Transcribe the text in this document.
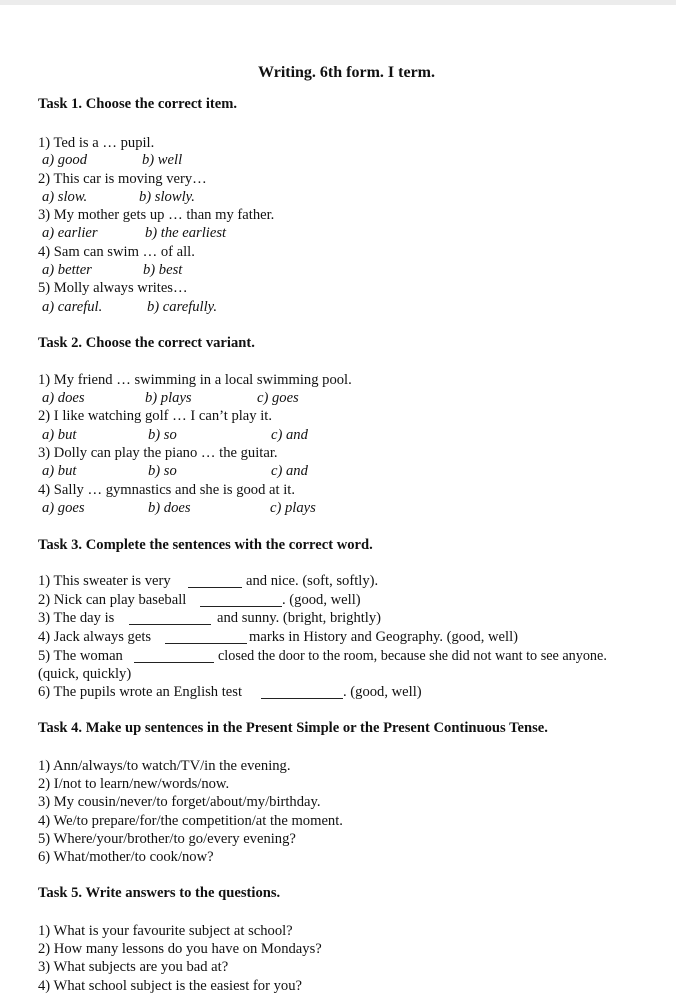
Writing. 6th form. I term.
Task 1. Choose the correct item.
1) Ted is a … pupil.
a) good	b) well
2) This car is moving very…
a) slow.	b) slowly.
3) My mother gets up … than my father.
a) earlier	b) the earliest
4) Sam can swim … of all.
a) better	b) best
5) Molly always writes…
a) careful.	b) carefully.
Task 2. Choose the correct variant.
1) My friend … swimming in a local swimming pool.
a) does	b) plays	c) goes
2) I like watching golf … I can’t play it.
a) but	b) so	c) and
3) Dolly can play the piano … the guitar.
a) but	b) so	c) and
4) Sally … gymnastics and she is good at it.
a) goes	b) does	c) plays
Task 3. Complete the sentences with the correct word.
1) This sweater is very	and nice. (soft, softly).
2) Nick can play baseball	. (good, well)
3) The day is	and sunny. (bright, brightly)
4) Jack always gets	marks in History and Geography. (good, well)
5) The woman	closed the door to the room, because she did not want to see anyone.
(quick, quickly)
6) The pupils wrote an English test	. (good, well)
Task 4. Make up sentences in the Present Simple or the Present Continuous Tense.
1) Ann/always/to watch/TV/in the evening.
2) I/not to learn/new/words/now.
3) My cousin/never/to forget/about/my/birthday.
4) We/to prepare/for/the competition/at the moment.
5) Where/your/brother/to go/every evening?
6) What/mother/to cook/now?
Task 5. Write answers to the questions.
1) What is your favourite subject at school?
2) How many lessons do you have on Mondays?
3) What subjects are you bad at?
4) What school subject is the easiest for you?
